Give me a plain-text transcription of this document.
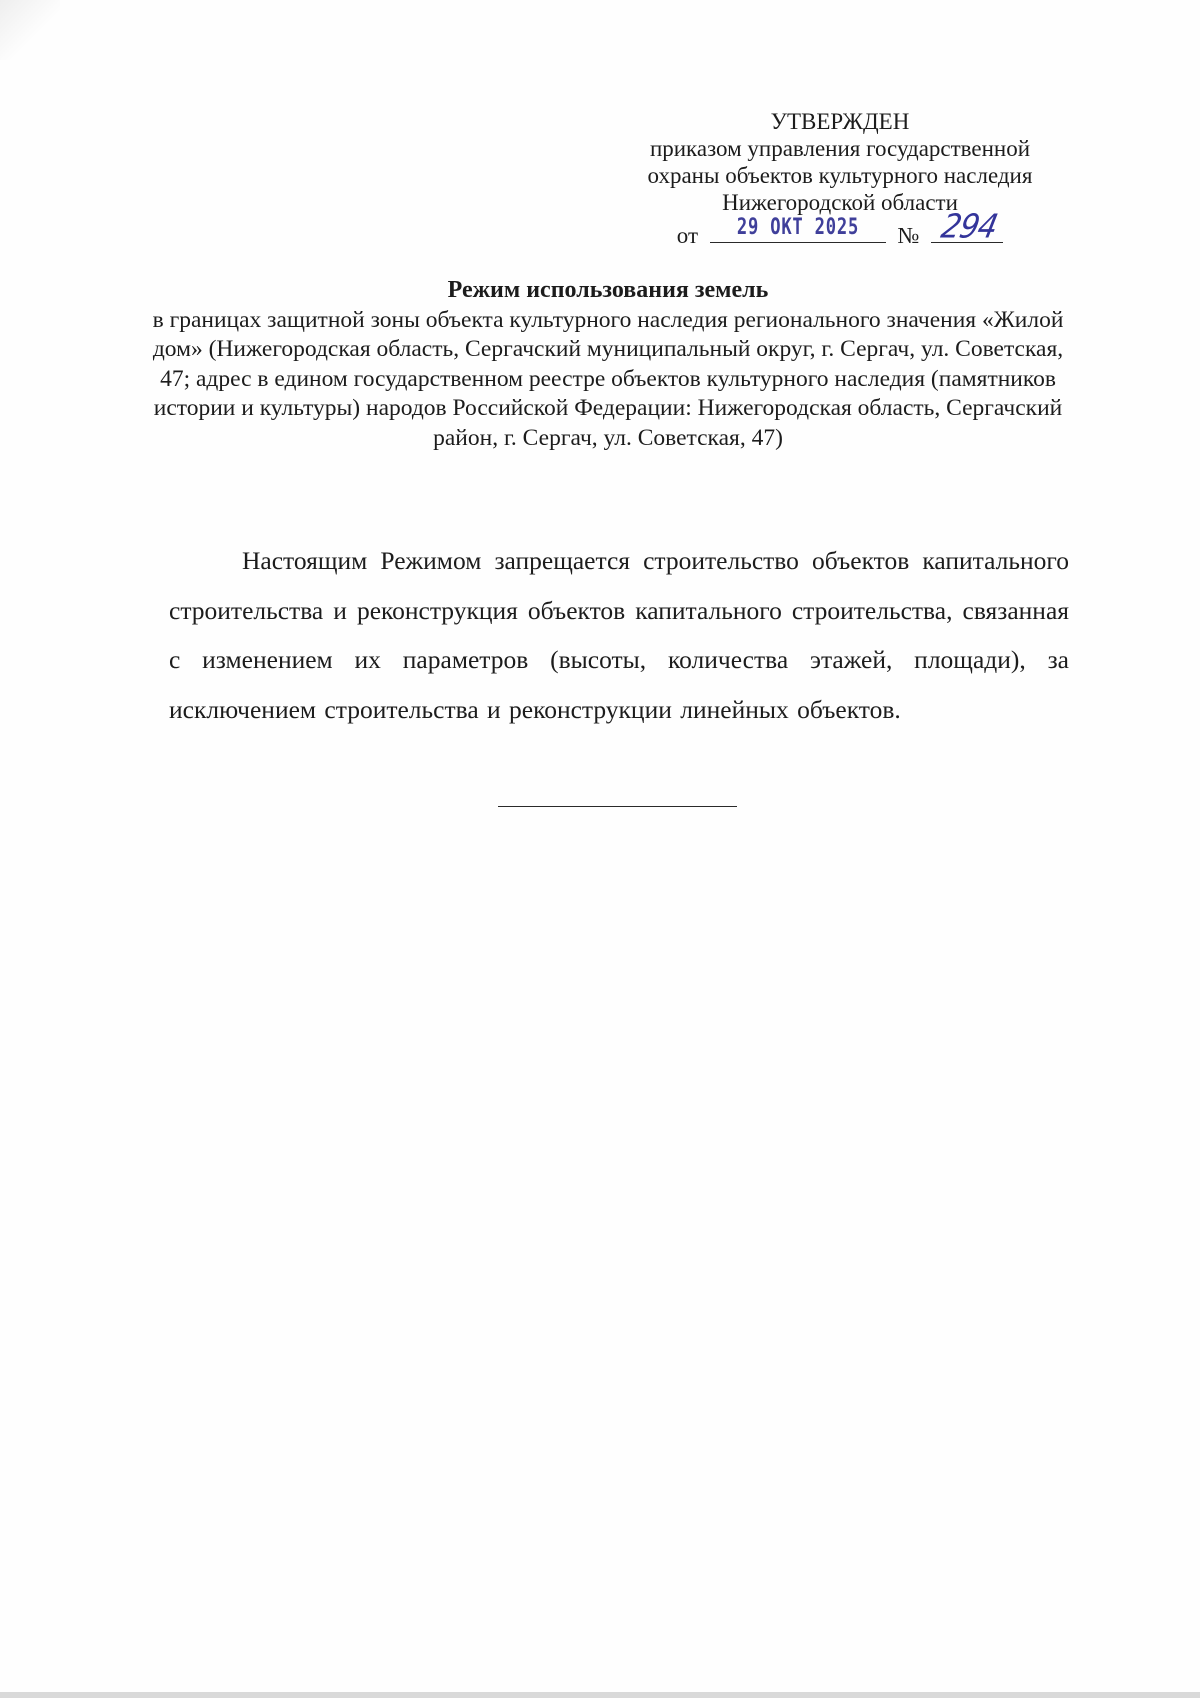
УТВЕРЖДЕН
приказом управления государственной
охраны объектов культурного наследия
Нижегородской области
от	29 ОКТ 2025	№ 294
Режим использования земель
в границах защитной зоны объекта культурного наследия регионального значения «Жилой дом» (Нижегородская область, Сергачский муниципальный округ, г. Сергач, ул. Советская, 47; адрес в едином государственном реестре объектов культурного наследия (памятников истории и культуры) народов Российской Федерации: Нижегородская область, Сергачский район, г. Сергач, ул. Советская, 47)
Настоящим Режимом запрещается строительство объектов капитального строительства и реконструкция объектов капитального строительства, связанная с изменением их параметров (высоты, количества этажей, площади), за исключением строительства и реконструкции линейных объектов.
